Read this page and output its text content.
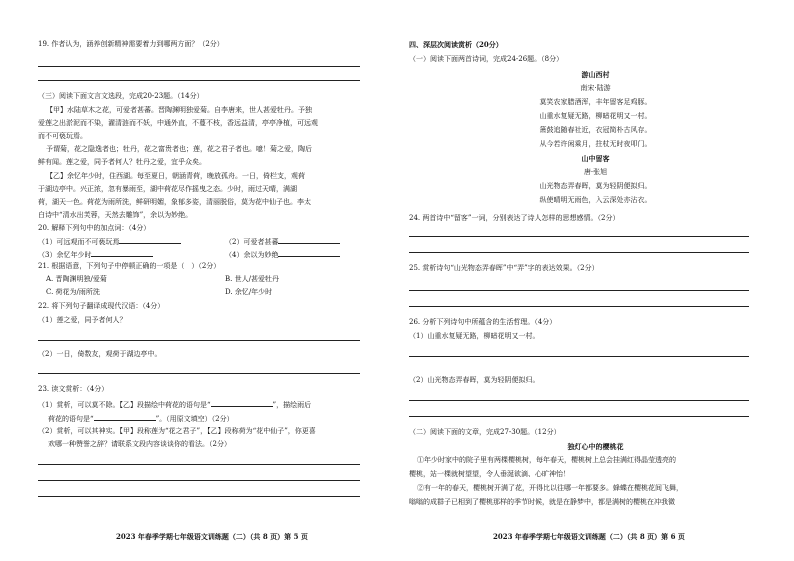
19. 作者认为，涵养创新精神需要着力到哪两方面？（2分）
（三）阅读下面文言文选段，完成20-23题。（14分）
【甲】水陆草木之花，可爱者甚蕃。晋陶渊明独爱菊。自李唐来，世人甚爱牡丹。予独
爱莲之出淤泥而不染，濯清涟而不妖，中通外直，不蔓不枝，香远益清，亭亭净植，可远观
而不可亵玩焉。
予谓菊，花之隐逸者也；牡丹，花之富贵者也；莲，花之君子者也。噫！菊之爱，陶后
鲜有闻。莲之爱，同予者何人？牡丹之爱，宜乎众矣。
【乙】余忆年少时，住西湖。每至夏日，朝涵青荷，晚放孤舟。一日，倚栏支，观荷
于湖边亭中。兴正浓，忽有暴雨至，湖中荷花尽作摇曳之态。少时，雨过天晴，满湖
荷，湖天一色。荷花为雨所洗，鲜研明媚，象郁多姿，清丽脱俗，莫为花中仙子也。李太
白诗中“清水出芙蓉，天然去雕饰”，余以为妙绝。
20. 解释下列句中的加点词：（4分）
（1）可远观而不可亵玩焉	（2）可爱者甚蕃
（3）余忆年少时	（4）余以为妙绝
21. 根据语意，下列句子中停顿正确的一项是（　）（2分）
A. 晋陶渊明独/爱菊	B. 世人/甚爱牡丹
C. 荷花为/雨所洗	D. 余忆/年少时
22. 将下列句子翻译成现代汉语：（4分）
（1）莲之爱，同予者何人？
（2）一日，倚数友，观荷于湖边亭中。
23. 读文赏析：（4分）
（1）赏析，可以莫不除。【乙】段描绘中荷花的语句是“	”，描绘雨后
荷花的语句是“	”。（用原文填空）（2分）
（2）赏析，可以其神实。【甲】段称莲为“花之君子”，【乙】段称荷为“花中仙子”，你更喜
欢哪一种赞誉之辞？请联系文段内容谈谈你的看法。（2分）
2023 年春季学期七年级语文训练题（二）（共 8 页）第 5 页
四、深层次阅读赏析（20分）
（一）阅读下面两首诗词，完成24-26题。（8分）
游山西村
南宋·陆游
莫笑农家腊酒浑，丰年留客足鸡豚。
山重水复疑无路，柳暗花明又一村。
箫鼓追随春社近，衣冠简朴古风存。
从今若许闲乘月，拄杖无时夜叩门。
山中留客
唐·张旭
山光物态弄春晖，莫为轻阴便拟归。
纵使晴明无雨色，入云深处亦沾衣。
24. 两首诗中“留客”一词，分别表达了诗人怎样的思想感情。（2分）
25. 赏析诗句“山光物态弄春晖”中“弄”字的表达效果。（2分）
26. 分析下列诗句中所蕴含的生活哲理。（4分）
（1）山重水复疑无路，柳暗花明又一村。
（2）山光物态弄春晖，莫为轻阴便拟归。
（二）阅读下面的文章，完成27-30题。（12分）
独灯心中的樱桃花
①年少时家中的院子里有两棵樱桃树，每年春天，樱桃树上总会挂满红得晶莹透亮的
樱桃，站一棵就树望望，令人垂涎欲滴、心旷神怡！
②有一年的春天，樱桃树开满了花，开得比以往哪一年都要多。蜂蝶在樱桃花间飞舞，
嗡嗡的成群子已相到了樱桃那样的季节时候，就是在静梦中，都是满树的樱桃在冲我微
2023 年春季学期七年级语文训练题（二）（共 8 页）第 6 页
